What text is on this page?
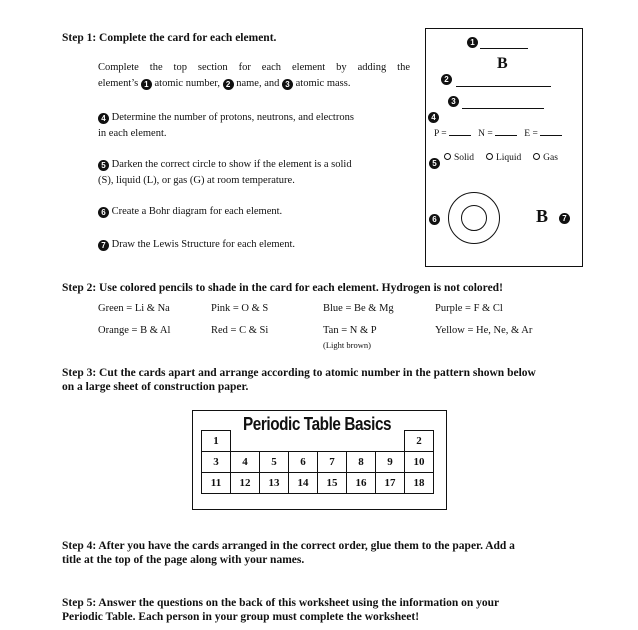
Step 1: Complete the card for each element.
Complete the top section for each element by adding the
element’s 1 atomic number, 2 name, and 3 atomic mass.
4 Determine the number of protons, neutrons, and electrons
in each element.
5 Darken the correct circle to show if the element is a solid
(S), liquid (L), or gas (G) at room temperature.
6 Create a Bohr diagram for each element.
7 Draw the Lewis Structure for each element.
1
B
2
3
4
P =	N =	E =
5
Solid Liquid Gas
6	B	7
Step 2: Use colored pencils to shade in the card for each element. Hydrogen is not colored!
Green = Li & Na	Pink = O & S	Blue = Be & Mg	Purple = F & Cl
Orange = B & Al	Red = C & Si	Tan = N & P	Yellow = He, Ne, & Ar
(Light brown)
Step 3: Cut the cards apart and arrange according to atomic number in the pattern shown below
on a large sheet of construction paper.
Periodic Table Basics
1							2
3	4	5	6	7	8	9	10
11	12	13	14	15	16	17	18
Step 4: After you have the cards arranged in the correct order, glue them to the paper. Add a
title at the top of the page along with your names.
Step 5: Answer the questions on the back of this worksheet using the information on your
Periodic Table. Each person in your group must complete the worksheet!
